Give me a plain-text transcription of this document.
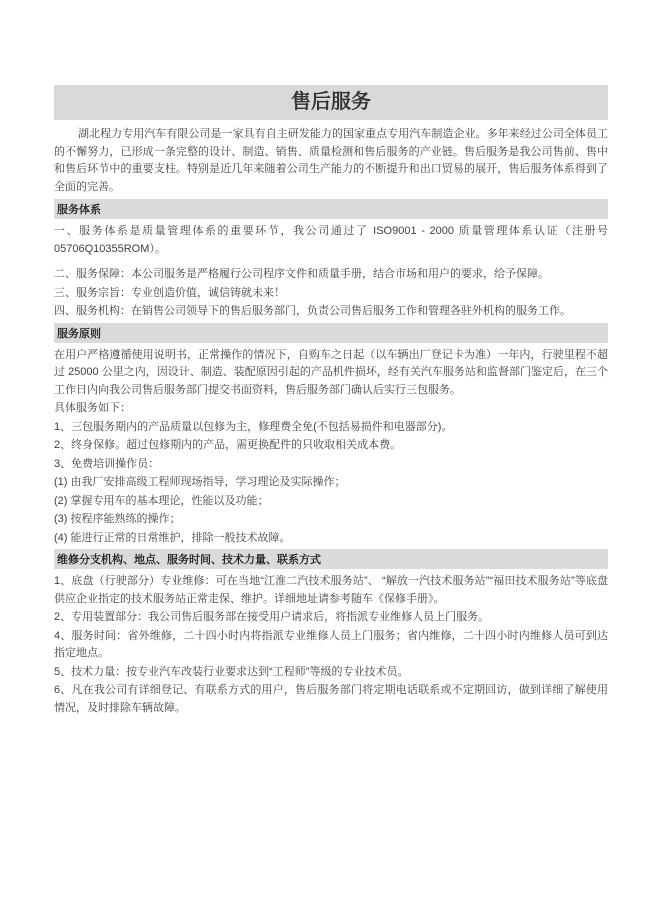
售后服务

湖北程力专用汽车有限公司是一家具有自主研发能力的国家重点专用汽车制造企业。多年来经过公司全体员工的不懈努力，已形成一条完整的设计、制造、销售、质量检测和售后服务的产业链。售后服务是我公司售前、售中和售后环节中的重要支柱。特别是近几年来随着公司生产能力的不断提升和出口贸易的展开，售后服务体系得到了全面的完善。

服务体系

一、服务体系是质量管理体系的重要环节，我公司通过了 ISO9001 - 2000 质量管理体系认证（注册号 05706Q10355ROM）。

二、服务保障：本公司服务是严格履行公司程序文件和质量手册，结合市场和用户的要求，给予保障。

三、服务宗旨：专业创造价值，诚信铸就未来！

四、服务机构：在销售公司领导下的售后服务部门，负责公司售后服务工作和管理各驻外机构的服务工作。

服务原则

在用户严格遵循使用说明书，正常操作的情况下，自购车之日起（以车辆出厂登记卡为准）一年内，行驶里程不超过 25000 公里之内，因设计、制造、装配原因引起的产品机件损坏，经有关汽车服务站和监督部门鉴定后，在三个工作日内向我公司售后服务部门提交书面资料，售后服务部门确认后实行三包服务。

具体服务如下：

1、三包服务期内的产品质量以包修为主，修理费全免(不包括易损件和电器部分)。

2、终身保修。超过包修期内的产品，需更换配件的只收取相关成本费。

3、免费培训操作员：

(1) 由我厂安排高级工程师现场指导，学习理论及实际操作；

(2) 掌握专用车的基本理论，性能以及功能；

(3) 按程序能熟练的操作；

(4) 能进行正常的日常维护，排除一般技术故障。

维修分支机构、地点、服务时间、技术力量、联系方式

1、底盘（行驶部分）专业维修：可在当地“江淮二汽技术服务站”、 “解放一汽技术服务站”“福田技术服务站”等底盘供应企业指定的技术服务站正常走保、维护。详细地址请参考随车《保修手册》。

2、专用装置部分：我公司售后服务部在接受用户请求后，将指派专业维修人员上门服务。

4、服务时间：省外维修，二十四小时内将指派专业维修人员上门服务；省内维修，二十四小时内维修人员可到达指定地点。

5、技术力量：按专业汽车改装行业要求达到“工程师”等级的专业技术员。

6、凡在我公司有详细登记、有联系方式的用户，售后服务部门将定期电话联系或不定期回访，做到详细了解使用情况，及时排除车辆故障。
